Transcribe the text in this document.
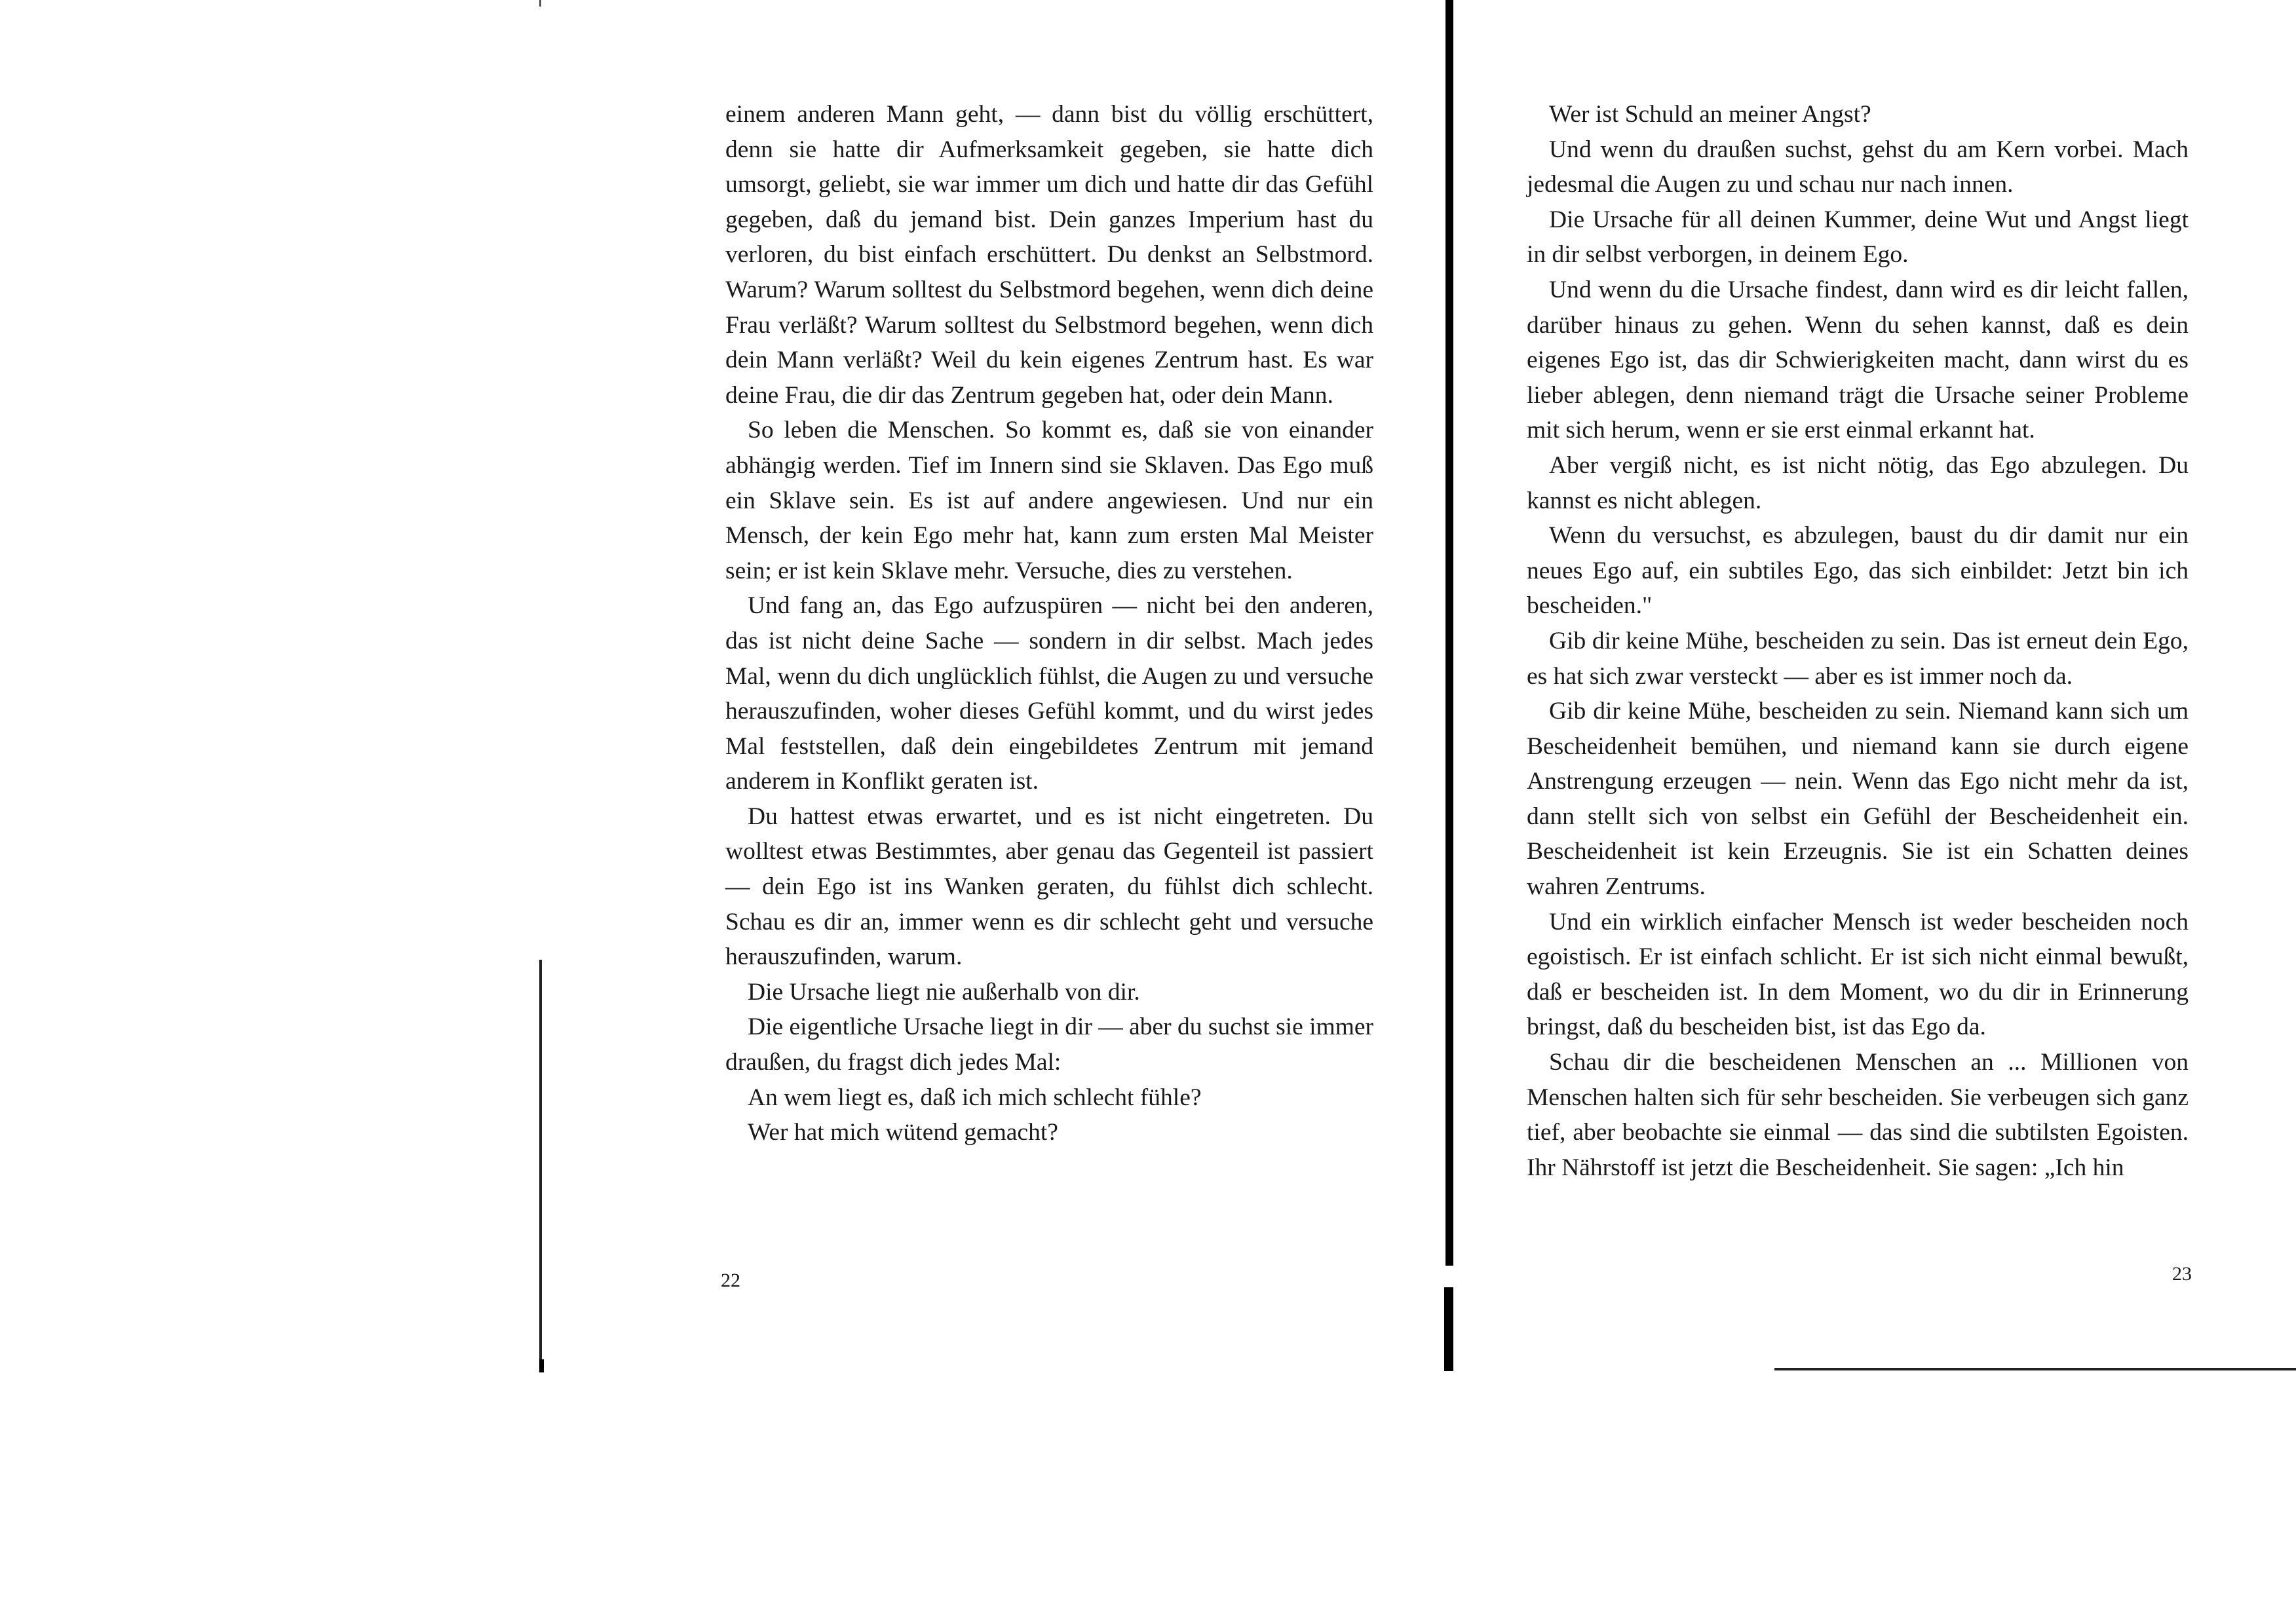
einem anderen Mann geht, — dann bist du völlig erschüttert, denn sie hatte dir Aufmerksamkeit gegeben, sie hatte dich umsorgt, geliebt, sie war immer um dich und hatte dir das Gefühl gegeben, daß du jemand bist. Dein ganzes Imperium hast du verloren, du bist einfach erschüttert. Du denkst an Selbstmord. Warum? Warum solltest du Selbstmord begehen, wenn dich deine Frau verläßt? Warum solltest du Selbstmord begehen, wenn dich dein Mann verläßt? Weil du kein eigenes Zentrum hast. Es war deine Frau, die dir das Zentrum gegeben hat, oder dein Mann.

So leben die Menschen. So kommt es, daß sie von einander abhängig werden. Tief im Innern sind sie Sklaven. Das Ego muß ein Sklave sein. Es ist auf andere angewiesen. Und nur ein Mensch, der kein Ego mehr hat, kann zum ersten Mal Meister sein; er ist kein Sklave mehr. Versuche, dies zu verstehen.

Und fang an, das Ego aufzuspüren — nicht bei den anderen, das ist nicht deine Sache — sondern in dir selbst. Mach jedes Mal, wenn du dich unglücklich fühlst, die Augen zu und versuche herauszufinden, woher dieses Gefühl kommt, und du wirst jedes Mal feststellen, daß dein eingebildetes Zentrum mit jemand anderem in Konflikt geraten ist.

Du hattest etwas erwartet, und es ist nicht eingetreten. Du wolltest etwas Bestimmtes, aber genau das Gegenteil ist passiert — dein Ego ist ins Wanken geraten, du fühlst dich schlecht. Schau es dir an, immer wenn es dir schlecht geht und versuche herauszufinden, warum.

Die Ursache liegt nie außerhalb von dir.

Die eigentliche Ursache liegt in dir — aber du suchst sie immer draußen, du fragst dich jedes Mal:

An wem liegt es, daß ich mich schlecht fühle?

Wer hat mich wütend gemacht?

22

Wer ist Schuld an meiner Angst?

Und wenn du draußen suchst, gehst du am Kern vorbei. Mach jedesmal die Augen zu und schau nur nach innen.

Die Ursache für all deinen Kummer, deine Wut und Angst liegt in dir selbst verborgen, in deinem Ego.

Und wenn du die Ursache findest, dann wird es dir leicht fallen, darüber hinaus zu gehen. Wenn du sehen kannst, daß es dein eigenes Ego ist, das dir Schwierigkeiten macht, dann wirst du es lieber ablegen, denn niemand trägt die Ursache seiner Probleme mit sich herum, wenn er sie erst einmal erkannt hat.

Aber vergiß nicht, es ist nicht nötig, das Ego abzulegen. Du kannst es nicht ablegen.

Wenn du versuchst, es abzulegen, baust du dir damit nur ein neues Ego auf, ein subtiles Ego, das sich einbildet: Jetzt bin ich bescheiden."

Gib dir keine Mühe, bescheiden zu sein. Das ist erneut dein Ego, es hat sich zwar versteckt — aber es ist immer noch da.

Gib dir keine Mühe, bescheiden zu sein. Niemand kann sich um Bescheidenheit bemühen, und niemand kann sie durch eigene Anstrengung erzeugen — nein. Wenn das Ego nicht mehr da ist, dann stellt sich von selbst ein Gefühl der Bescheidenheit ein. Bescheidenheit ist kein Erzeugnis. Sie ist ein Schatten deines wahren Zentrums.

Und ein wirklich einfacher Mensch ist weder bescheiden noch egoistisch. Er ist einfach schlicht. Er ist sich nicht einmal bewußt, daß er bescheiden ist. In dem Moment, wo du dir in Erinnerung bringst, daß du bescheiden bist, ist das Ego da.

Schau dir die bescheidenen Menschen an ... Millionen von Menschen halten sich für sehr bescheiden. Sie verbeugen sich ganz tief, aber beobachte sie einmal — das sind die subtilsten Egoisten. Ihr Nährstoff ist jetzt die Bescheidenheit. Sie sagen: „Ich hin

23
